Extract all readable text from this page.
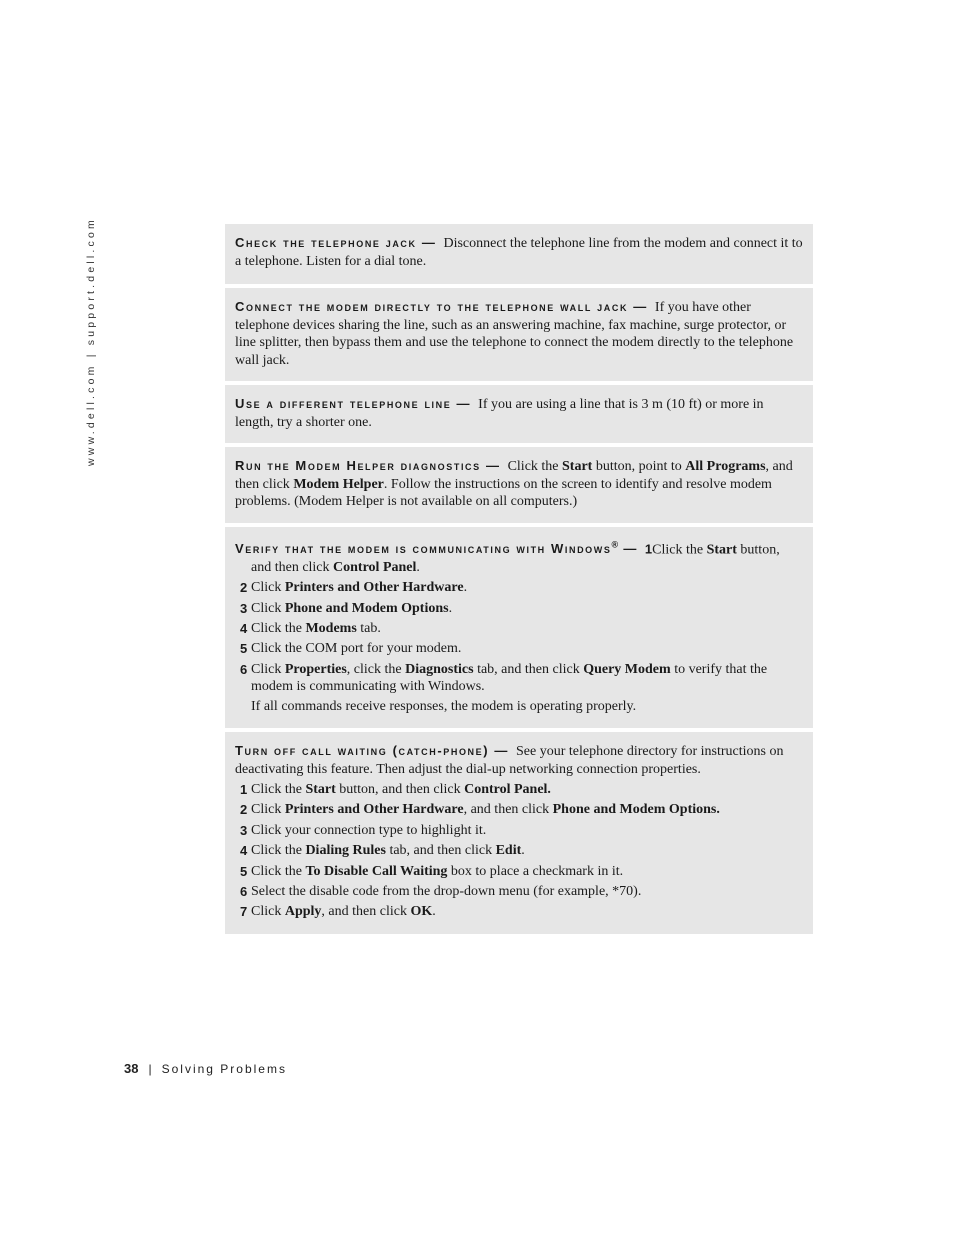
www.dell.com | support.dell.com	Check the telephone jack — Disconnect the telephone line from the modem and connect it to a telephone. Listen for a dial tone.
Connect the modem directly to the telephone wall jack — If you have other telephone devices sharing the line, such as an answering machine, fax machine, surge protector, or line splitter, then bypass them and use the telephone to connect the modem directly to the telephone wall jack.
Use a different telephone line — If you are using a line that is 3 m (10 ft) or more in length, try a shorter one.
Run the Modem Helper diagnostics — Click the Start button, point to All Programs, and then click Modem Helper. Follow the instructions on the screen to identify and resolve modem problems. (Modem Helper is not available on all computers.)
Verify that the modem is communicating with Windows® — 1Click the Start button, and then click Control Panel.
2 Click Printers and Other Hardware.
3 Click Phone and Modem Options.
4 Click the Modems tab.
5 Click the COM port for your modem.
6 Click Properties, click the Diagnostics tab, and then click Query Modem to verify that the modem is communicating with Windows.
If all commands receive responses, the modem is operating properly.
Turn off call waiting (catch-phone) — See your telephone directory for instructions on deactivating this feature. Then adjust the dial-up networking connection properties.
1 Click the Start button, and then click Control Panel.
2 Click Printers and Other Hardware, and then click Phone and Modem Options.
3 Click your connection type to highlight it.
4 Click the Dialing Rules tab, and then click Edit.
5 Click the To Disable Call Waiting box to place a checkmark in it.
6 Select the disable code from the drop-down menu (for example, *70).
7 Click Apply, and then click OK.
38 | Solving Problems
